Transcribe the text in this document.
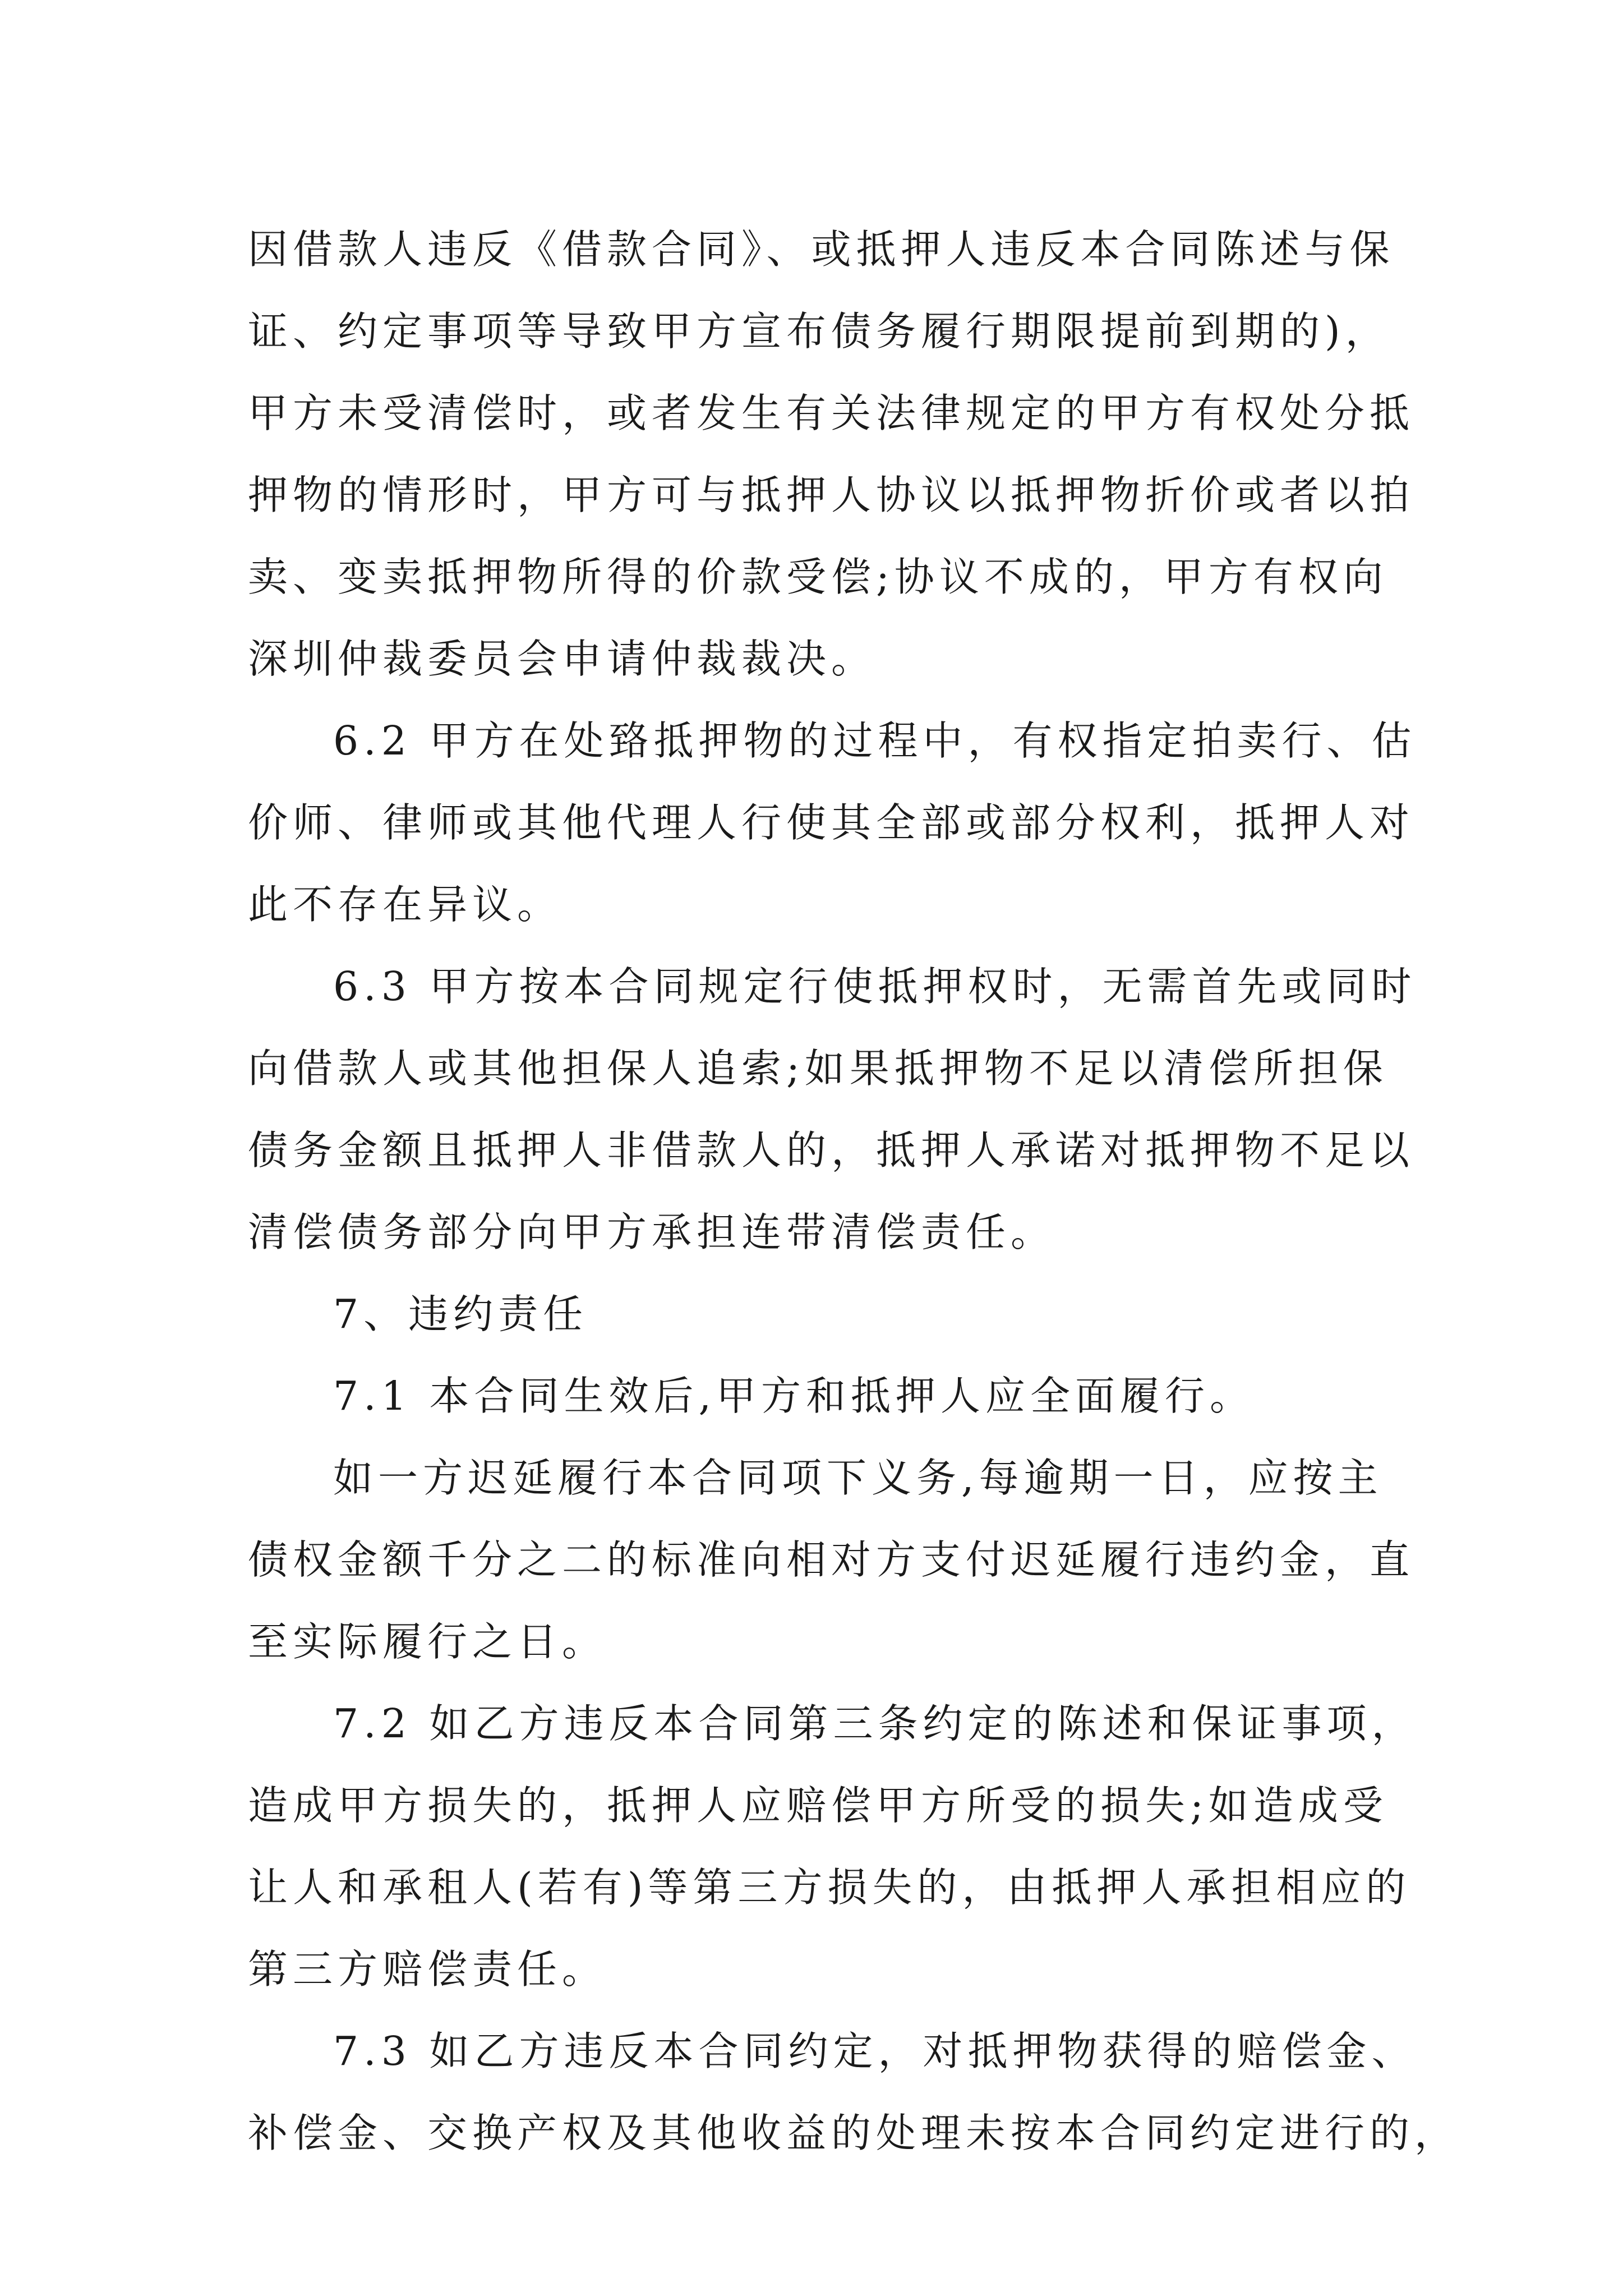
因借款人违反《借款合同》、或抵押人违反本合同陈述与保
证、约定事项等导致甲方宣布债务履行期限提前到期的)，
甲方未受清偿时，或者发生有关法律规定的甲方有权处分抵
押物的情形时，甲方可与抵押人协议以抵押物折价或者以拍
卖、变卖抵押物所得的价款受偿;协议不成的，甲方有权向
深圳仲裁委员会申请仲裁裁决。
6.2 甲方在处臵抵押物的过程中，有权指定拍卖行、估
价师、律师或其他代理人行使其全部或部分权利，抵押人对
此不存在异议。
6.3 甲方按本合同规定行使抵押权时，无需首先或同时
向借款人或其他担保人追索;如果抵押物不足以清偿所担保
债务金额且抵押人非借款人的，抵押人承诺对抵押物不足以
清偿债务部分向甲方承担连带清偿责任。
7、违约责任
7.1 本合同生效后,甲方和抵押人应全面履行。
如一方迟延履行本合同项下义务,每逾期一日，应按主
债权金额千分之二的标准向相对方支付迟延履行违约金，直
至实际履行之日。
7.2 如乙方违反本合同第三条约定的陈述和保证事项，
造成甲方损失的，抵押人应赔偿甲方所受的损失;如造成受
让人和承租人(若有)等第三方损失的，由抵押人承担相应的
第三方赔偿责任。
7.3 如乙方违反本合同约定，对抵押物获得的赔偿金、
补偿金、交换产权及其他收益的处理未按本合同约定进行的，
